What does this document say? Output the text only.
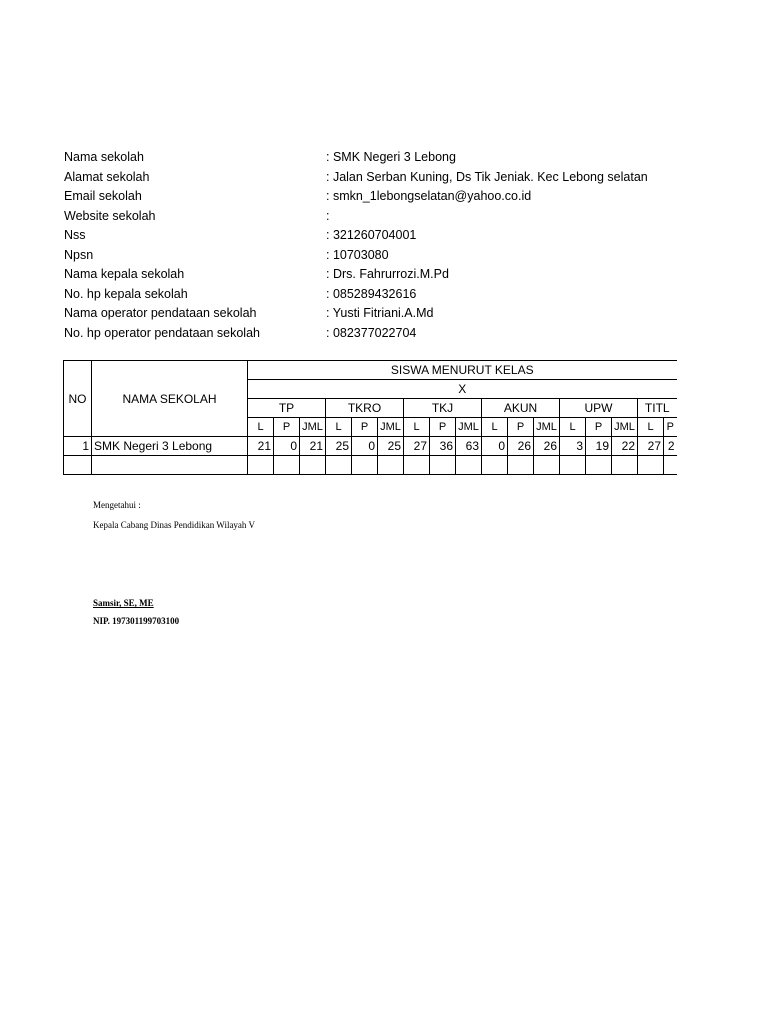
Nama sekolah	: SMK Negeri 3 Lebong
Alamat sekolah	: Jalan Serban Kuning, Ds Tik Jeniak. Kec Lebong selatan
Email sekolah	: smkn_1lebongselatan@yahoo.co.id
Website sekolah	:
Nss	: 321260704001
Npsn	: 10703080
Nama kepala sekolah	: Drs. Fahrurrozi.M.Pd
No. hp kepala sekolah	: 085289432616
Nama operator pendataan sekolah	: Yusti Fitriani.A.Md
No. hp operator pendataan sekolah	: 082377022704
NO	NAMA SEKOLAH	SISWA MENURUT KELAS																
		X																
		TP			TKRO			TKJ			AKUN			UPW			TITL	
		L	P	JML	L	P	JML	L	P	JML	L	P	JML	L	P	JML	L	P
1	SMK Negeri 3 Lebong	21	0	21	25	0	25	27	36	63	0	26	26	3	19	22	27	2

Mengetahui :
Kepala Cabang Dinas Pendidikan Wilayah V
Samsir, SE, ME
NIP. 197301199703100
